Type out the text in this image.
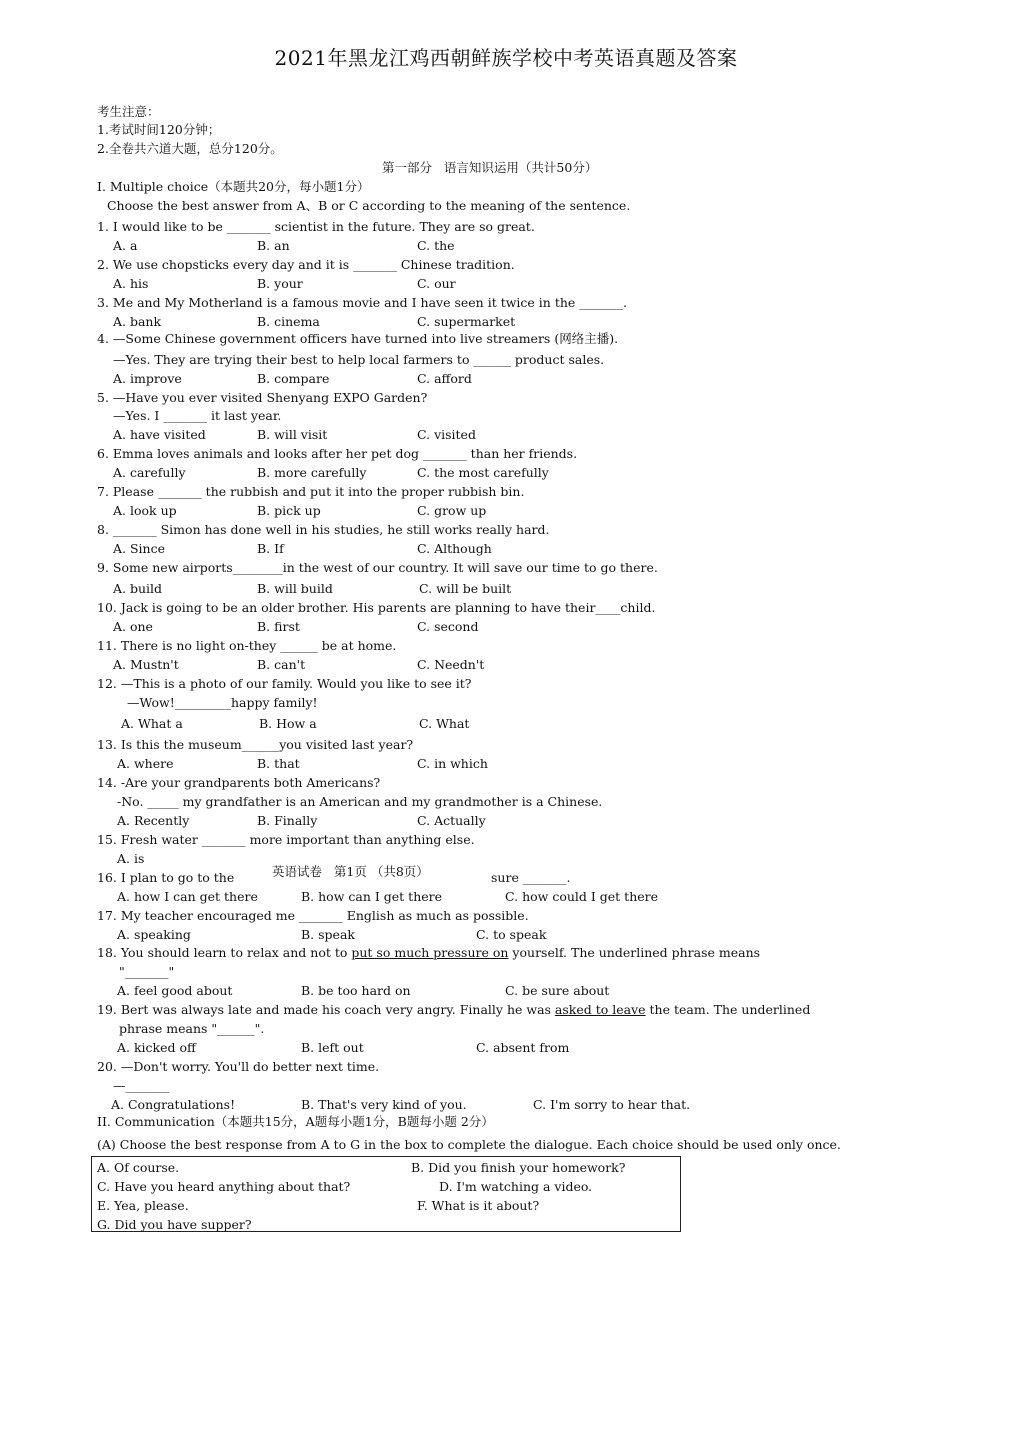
2021年黑龙江鸡西朝鲜族学校中考英语真题及答案
考生注意：
1.考试时间120分钟；
2.全卷共六道大题，总分120分。
第一部分   语言知识运用（共计50分）
I. Multiple choice（本题共20分，每小题1分）
Choose the best answer from A、B or C according to the meaning of the sentence.
1. I would like to be _______ scientist in the future. They are so great.
A. a	B. an	C. the
2. We use chopsticks every day and it is _______ Chinese tradition.
A. his	B. your	C. our
3. Me and My Motherland is a famous movie and I have seen it twice in the _______.
A. bank	B. cinema	C. supermarket
4. —Some Chinese government officers have turned into live streamers (网络主播).
—Yes. They are trying their best to help local farmers to ______ product sales.
A. improve	B. compare	C. afford
5. —Have you ever visited Shenyang EXPO Garden?
—Yes. I _______ it last year.
A. have visited	B. will visit	C. visited
6. Emma loves animals and looks after her pet dog _______ than her friends.
A. carefully	B. more carefully	C. the most carefully
7. Please _______ the rubbish and put it into the proper rubbish bin.
A. look up	B. pick up	C. grow up
8. _______ Simon has done well in his studies, he still works really hard.
A. Since	B. If	C. Although
9. Some new airports________in the west of our country. It will save our time to go there.
A. build	B. will build	C. will be built
10. Jack is going to be an older brother. His parents are planning to have their____child.
A. one	B. first	C. second
11. There is no light on-they ______ be at home.
A. Mustn't	B. can't	C. Needn't
12. —This is a photo of our family. Would you like to see it?
—Wow!_________happy family!
A. What a	B. How a	C. What
13. Is this the museum______you visited last year?
A. where	B. that	C. in which
14. -Are your grandparents both Americans?
-No. _____ my grandfather is an American and my grandmother is a Chinese.
A. Recently	B. Finally	C. Actually
15. Fresh water _______ more important than anything else.
A. is
英语试卷   第1页 （共8页）
16. I plan to go to the	sure _______.
A. how I can get there	B. how can I get there	C. how could I get there
17. My teacher encouraged me _______ English as much as possible.
A. speaking	B. speak	C. to speak
18. You should learn to relax and not to put so much pressure on yourself. The underlined phrase means
"_______"
A. feel good about	B. be too hard on	C. be sure about
19. Bert was always late and made his coach very angry. Finally he was asked to leave the team. The underlined
phrase means "______".
A. kicked off	B. left out	C. absent from
20. —Don't worry. You'll do better next time.
—_______
A. Congratulations!	B. That's very kind of you.	C. I'm sorry to hear that.
II. Communication（本题共15分，A题每小题1分，B题每小题 2分）
(A) Choose the best response from A to G in the box to complete the dialogue. Each choice should be used only once.
A. Of course.	B. Did you finish your homework?
C. Have you heard anything about that?	D. I'm watching a video.
E. Yea, please.	F. What is it about?
G. Did you have supper?
